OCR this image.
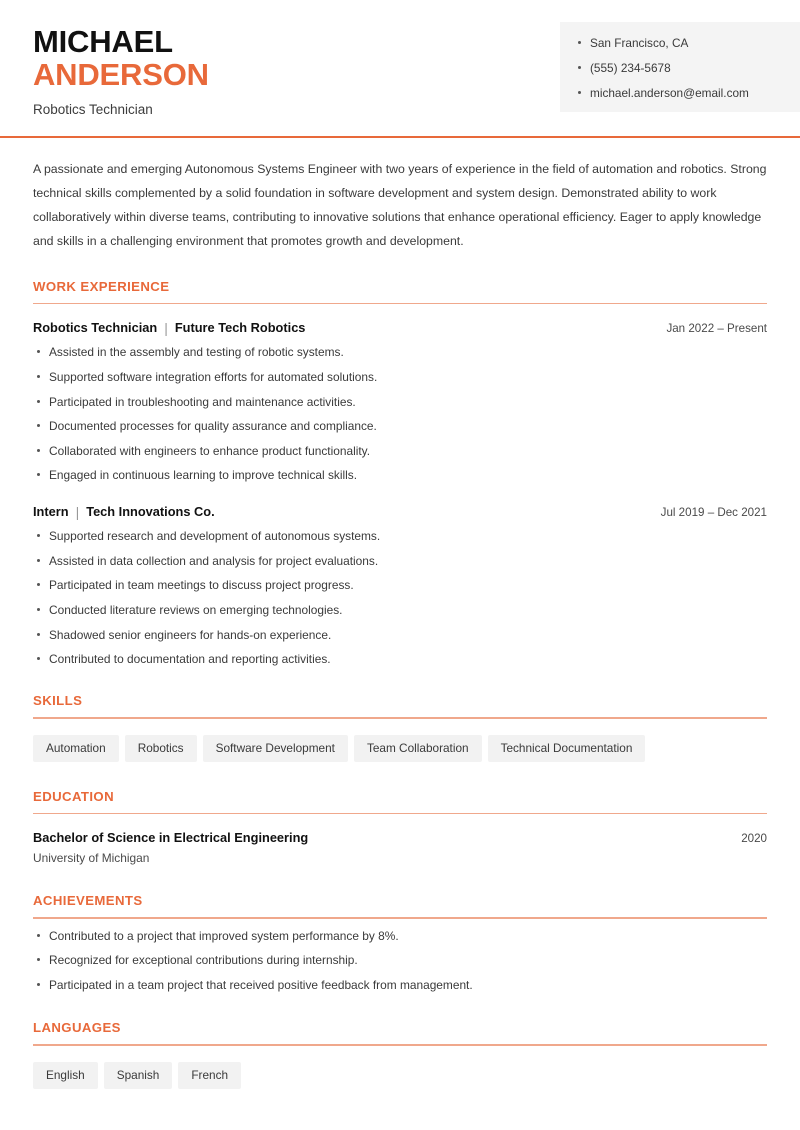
MICHAEL
ANDERSON
Robotics Technician
San Francisco, CA
(555) 234-5678
michael.anderson@email.com

A passionate and emerging Autonomous Systems Engineer with two years of experience in the field of automation and robotics. Strong technical skills complemented by a solid foundation in software development and system design. Demonstrated ability to work collaboratively within diverse teams, contributing to innovative solutions that enhance operational efficiency. Eager to apply knowledge and skills in a challenging environment that promotes growth and development.

WORK EXPERIENCE
Robotics Technician | Future Tech Robotics	Jan 2022 – Present
Assisted in the assembly and testing of robotic systems.
Supported software integration efforts for automated solutions.
Participated in troubleshooting and maintenance activities.
Documented processes for quality assurance and compliance.
Collaborated with engineers to enhance product functionality.
Engaged in continuous learning to improve technical skills.
Intern | Tech Innovations Co.	Jul 2019 – Dec 2021
Supported research and development of autonomous systems.
Assisted in data collection and analysis for project evaluations.
Participated in team meetings to discuss project progress.
Conducted literature reviews on emerging technologies.
Shadowed senior engineers for hands-on experience.
Contributed to documentation and reporting activities.
SKILLS
Automation	Robotics	Software Development	Team Collaboration	Technical Documentation
EDUCATION
Bachelor of Science in Electrical Engineering	2020
University of Michigan
ACHIEVEMENTS
Contributed to a project that improved system performance by 8%.
Recognized for exceptional contributions during internship.
Participated in a team project that received positive feedback from management.
LANGUAGES
English	Spanish	French
